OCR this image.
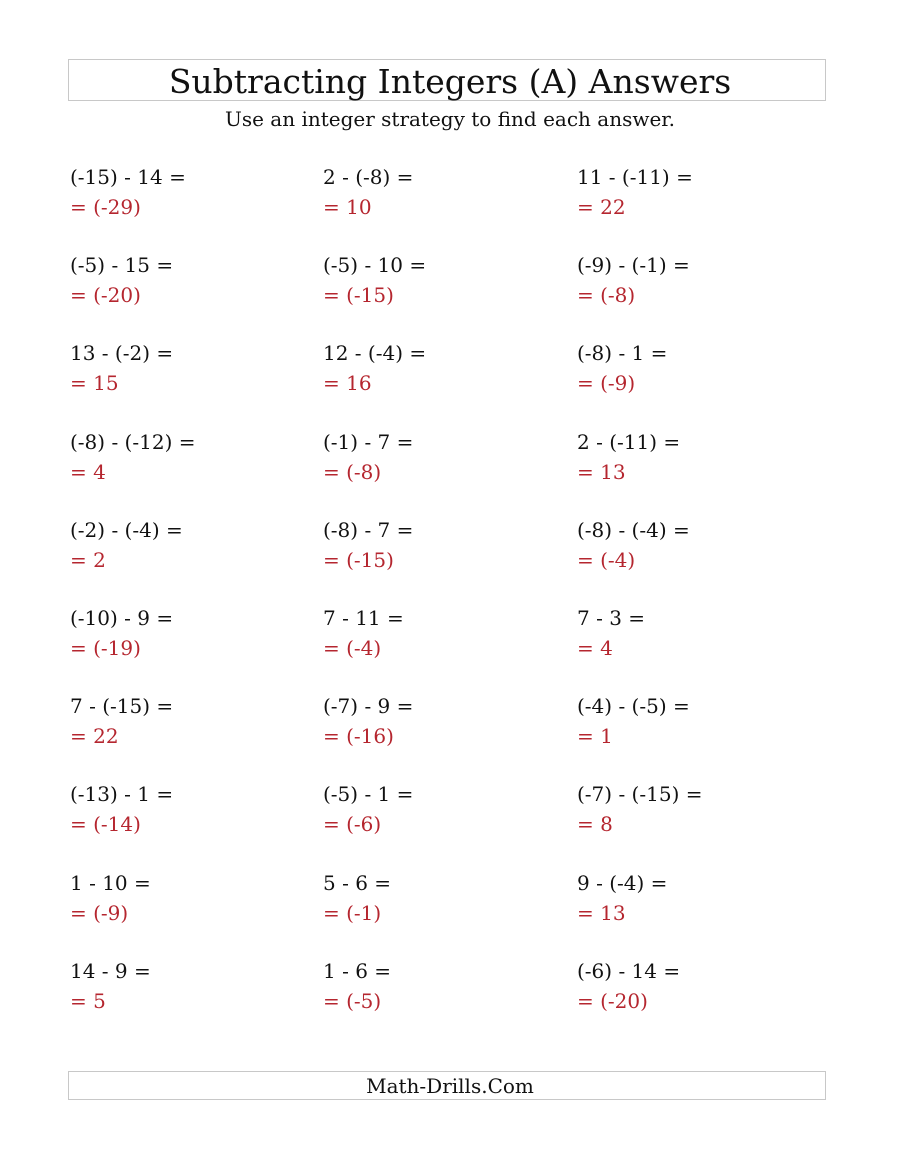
Subtracting Integers (A) Answers
Use an integer strategy to find each answer.
(-15) - 14 =
= (-29)
2 - (-8) =
= 10
11 - (-11) =
= 22
(-5) - 15 =
= (-20)
(-5) - 10 =
= (-15)
(-9) - (-1) =
= (-8)
13 - (-2) =
= 15
12 - (-4) =
= 16
(-8) - 1 =
= (-9)
(-8) - (-12) =
= 4
(-1) - 7 =
= (-8)
2 - (-11) =
= 13
(-2) - (-4) =
= 2
(-8) - 7 =
= (-15)
(-8) - (-4) =
= (-4)
(-10) - 9 =
= (-19)
7 - 11 =
= (-4)
7 - 3 =
= 4
7 - (-15) =
= 22
(-7) - 9 =
= (-16)
(-4) - (-5) =
= 1
(-13) - 1 =
= (-14)
(-5) - 1 =
= (-6)
(-7) - (-15) =
= 8
1 - 10 =
= (-9)
5 - 6 =
= (-1)
9 - (-4) =
= 13
14 - 9 =
= 5
1 - 6 =
= (-5)
(-6) - 14 =
= (-20)
Math-Drills.Com
